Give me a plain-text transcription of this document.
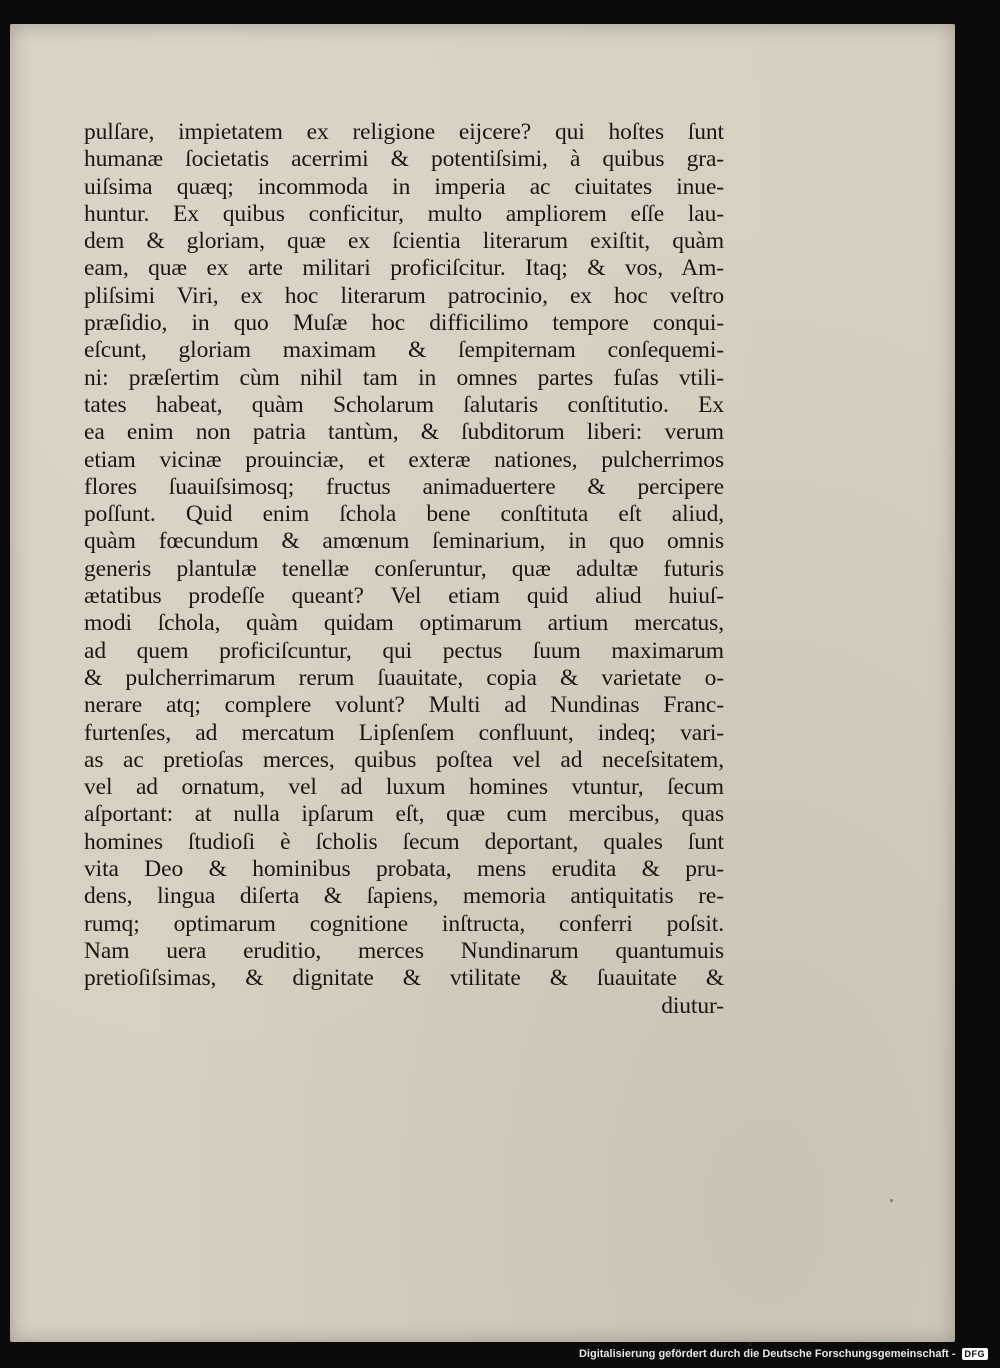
pulſare, impietatem ex religione eijcere? qui hoſtes ſunt
humanæ ſocietatis acerrimi & potentiſsimi, à quibus gra-
uiſsima quæq; incommoda in imperia ac ciuitates inue-
huntur. Ex quibus conficitur, multo ampliorem eſſe lau-
dem & gloriam, quæ ex ſcientia literarum exiſtit, quàm
eam, quæ ex arte militari proficiſcitur. Itaq; & vos, Am-
pliſsimi Viri, ex hoc literarum patrocinio, ex hoc veſtro
præſidio, in quo Muſæ hoc difficilimo tempore conqui-
eſcunt, gloriam maximam & ſempiternam conſequemi-
ni: præſertim cùm nihil tam in omnes partes fuſas vtili-
tates habeat, quàm Scholarum ſalutaris conſtitutio. Ex
ea enim non patria tantùm, & ſubditorum liberi: verum
etiam vicinæ prouinciæ, et exteræ nationes, pulcherrimos
flores ſuauiſsimosq; fructus animaduertere & percipere
poſſunt. Quid enim ſchola bene conſtituta eſt aliud,
quàm fœcundum & amœnum ſeminarium, in quo omnis
generis plantulæ tenellæ conſeruntur, quæ adultæ futuris
ætatibus prodeſſe queant? Vel etiam quid aliud huiuſ-
modi ſchola, quàm quidam optimarum artium mercatus,
ad quem proficiſcuntur, qui pectus ſuum maximarum
& pulcherrimarum rerum ſuauitate, copia & varietate o-
nerare atq; complere volunt? Multi ad Nundinas Franc-
furtenſes, ad mercatum Lipſenſem confluunt, indeq; vari-
as ac pretioſas merces, quibus poſtea vel ad neceſsitatem,
vel ad ornatum, vel ad luxum homines vtuntur, ſecum
aſportant: at nulla ipſarum eſt, quæ cum mercibus, quas
homines ſtudioſi è ſcholis ſecum deportant, quales ſunt
vita Deo & hominibus probata, mens erudita & pru-
dens, lingua diſerta & ſapiens, memoria antiquitatis re-
rumq; optimarum cognitione inſtructa, conferri poſsit.
Nam uera eruditio, merces Nundinarum quantumuis
pretioſiſsimas, & dignitate & vtilitate & ſuauitate &
diutur-
Digitalisierung gefördert durch die Deutsche Forschungsgemeinschaft -	DFG
